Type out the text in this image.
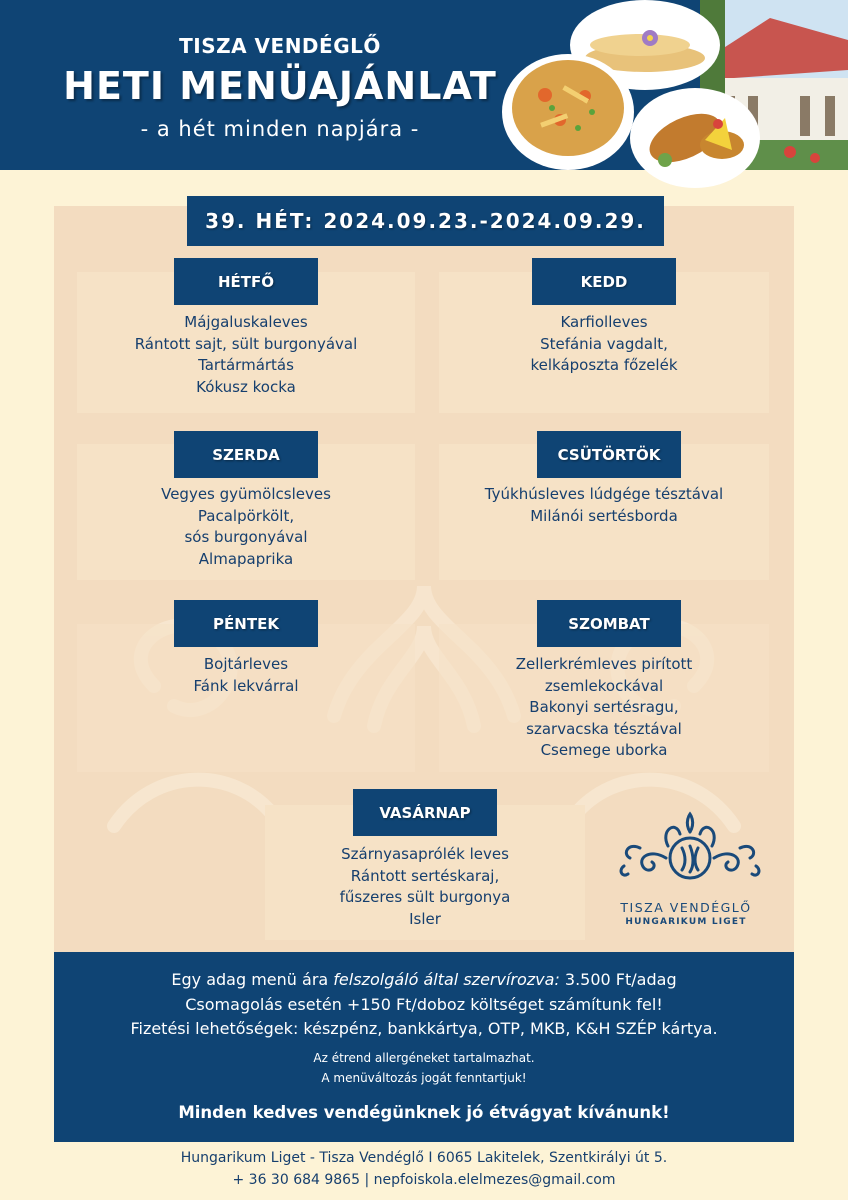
TISZA VENDÉGLŐ
HETI MENÜAJÁNLAT
- a hét minden napjára -
39. HÉT: 2024.09.23.-2024.09.29.
HÉTFŐ
Májgaluskaleves
Rántott sajt, sült burgonyával
Tartármártás
Kókusz kocka
KEDD
Karfiolleves
Stefánia vagdalt,
kelkáposzta főzelék
SZERDA
Vegyes gyümölcsleves
Pacalpörkölt,
sós burgonyával
Almapaprika
CSÜTÖRTÖK
Tyúkhúsleves lúdgége tésztával
Milánói sertésborda
PÉNTEK
Bojtárleves
Fánk lekvárral
SZOMBAT
Zellerkrémleves pirított
zsemlekockával
Bakonyi sertésragu,
szarvacska tésztával
Csemege uborka
VASÁRNAP
Szárnyasaprólék leves
Rántott sertéskaraj,
fűszeres sült burgonya
Isler
TISZA VENDÉGLŐ
HUNGARIKUM LIGET
Egy adag menü ára felszolgáló által szervírozva: 3.500 Ft/adag
Csomagolás esetén +150 Ft/doboz költséget számítunk fel!
Fizetési lehetőségek: készpénz, bankkártya, OTP, MKB, K&H SZÉP kártya.
Az étrend allergéneket tartalmazhat.
A menüváltozás jogát fenntartjuk!
Minden kedves vendégünknek jó étvágyat kívánunk!
Hungarikum Liget - Tisza Vendéglő I 6065 Lakitelek, Szentkirályi út 5.
+ 36 30 684 9865 | nepfoiskola.elelmezes@gmail.com
